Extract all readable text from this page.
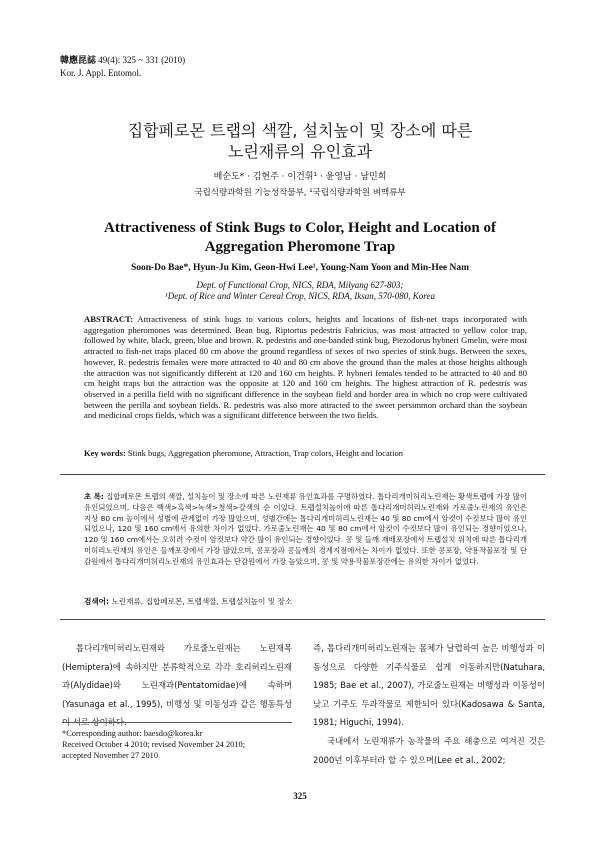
韓應昆誌 49(4): 325 ~ 331 (2010)
Kor. J. Appl. Entomol.
집합페로몬 트랩의 색깔, 설치높이 및 장소에 따른
노린재류의 유인효과
배순도* · 김현주 · 이건휘¹ · 윤영남 · 남민희
국립식량과학원 기능성작물부, ¹국립식량과학원 벼맥류부
Attractiveness of Stink Bugs to Color, Height and Location of
Aggregation Pheromone Trap
Soon-Do Bae*, Hyun-Ju Kim, Geon-Hwi Lee¹, Young-Nam Yoon and Min-Hee Nam
Dept. of Functional Crop, NICS, RDA, Milyang 627-803;
¹Dept. of Rice and Winter Cereal Crop, NICS, RDA, Iksan, 570-080, Korea
ABSTRACT: Attractiveness of stink bugs to various colors, heights and locations of fish-net traps incorporated with aggregation pheromones was determined. Bean bug, Riptortus pedestris Fabricius, was most attracted to yellow color trap, followed by white, black, green, blue and brown. R. pedestris and one-banded stink bug, Piezodorus hybneri Gmelin, were most attracted to fish-net traps placed 80 cm above the ground regardless of sexes of two species of stink bugs. Between the sexes, however, R. pedestris females were more attracted to 40 and 80 cm above the ground than the males at those heights although the attraction was not significantly different at 120 and 160 cm heights. P. hybneri females tended to be attracted to 40 and 80 cm height traps but the attraction was the opposite at 120 and 160 cm heights. The highest attraction of R. pedestris was observed in a perilla field with no significant difference in the soybean field and border area in which no crop were cultivated between the perilla and soybean fields. R. pedestris was also more attracted to the sweet persimmon orchard than the soybean and medicinal crops fields, which was a significant difference between the two fields.
Key words: Stink bugs, Aggregation pheromone, Attraction, Trap colors, Height and location
초 록: 집합페로몬 트랩의 색깔, 설치높이 및 장소에 따른 노린재류 유인효과를 구명하였다. 톱다리개미허리노린재는 황색트랩에 가장 많이 유인되었으며, 다음은 백색>흑색>녹색>청색>갈색의 순 이었다. 트랩설치높이에 따른 톱다리개미허리노린재와 가로줄노린재의 유인은 지상 80 cm 높이에서 성별에 관계없이 가장 많았으며, 성별간에는 톱다리개미허리노린재는 40 및 80 cm에서 암컷이 수컷보다 많이 유인되었으나, 120 및 160 cm에서 유의한 차이가 없었다. 가로줄노린재는 40 및 80 cm에서 암컷이 수컷보다 많이 유인되는 경향이었으나, 120 및 160 cm에서는 오히려 수컷이 암컷보다 약간 많이 유인되는 경향이었다. 콩 및 들깨 재배포장에서 트랩설치 위치에 따른 톱다리개미허리노린재의 유인은 들깨포장에서 가장 많았으며, 콩포장과 콩들깨의 경계지점에서는 차이가 없었다. 또한 콩포장, 약용작물포장 및 단감원에서 톱다리개미허리노린재의 유인효과는 단감원에서 가장 높았으며, 콩 및 약용작물포장간에는 유의한 차이가 없었다.
검색어: 노린재류, 집합페로몬, 트랩색깔, 트랩설치높이 및 장소
톱다리개미허리노린재와 가로줄노린재는 노린재목(Hemiptera)에 속하지만 분류학적으로 각각 호리허리노린재과(Alydidae)와 노린재과(Pentatomidae)에 속하며(Yasunaga et al., 1995), 비행성 및 이동성과 같은 행동특성이 서로 상이하다.
즉, 톱다리개미허리노린재는 몸체가 날렵하여 높은 비행성과 이동성으로 다양한 기주식물로 쉽게 이동하지만(Natuhara, 1985; Bae et al., 2007), 가로줄노린재는 비행성과 이동성이 낮고 기주도 두과작물로 제한되어 있다(Kadosawa & Santa, 1981; Higuchi, 1994).
국내에서 노린재류가 농작물의 주요 해충으로 여겨진 것은 2000년 이후부터라 할 수 있으며(Lee et al., 2002;
*Corresponding author: baesdo@korea.kr
Received October 4 2010; revised November 24 2010;
accepted November 27 2010
325
